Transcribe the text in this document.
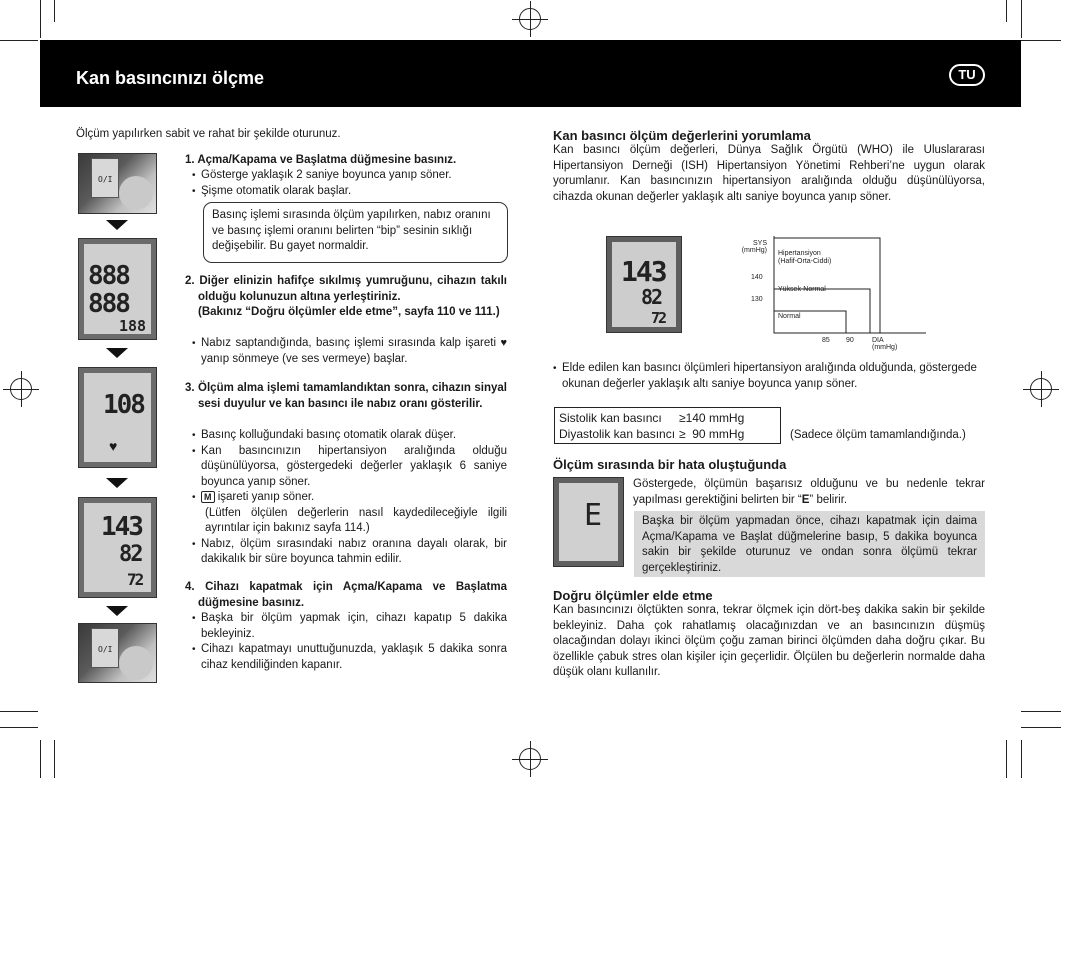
Kan basıncınızı ölçme	TU
Ölçüm yapılırken sabit ve rahat bir şekilde oturunuz.
O/I
888
888
188
108
♥
143
82
72
O/I
1. Açma/Kapama ve Başlatma düğmesine basınız.
• Gösterge yaklaşık 2 saniye boyunca yanıp söner.
• Şişme otomatik olarak başlar.
Basınç işlemi sırasında ölçüm yapılırken, nabız oranını ve basınç işlemi oranını belirten “bip” sesinin sıklığı değişebilir. Bu gayet normaldir.
2. Diğer elinizin hafifçe sıkılmış yumruğunu, cihazın takılı olduğu kolunuzun altına yerleştiriniz.
(Bakınız “Doğru ölçümler elde etme”, sayfa 110 ve 111.)
• Nabız saptandığında, basınç işlemi sırasında kalp işareti ♥ yanıp sönmeye (ve ses vermeye) başlar.
3. Ölçüm alma işlemi tamamlandıktan sonra, cihazın sinyal sesi duyulur ve kan basıncı ile nabız oranı gösterilir.
• Basınç kolluğundaki basınç otomatik olarak düşer.
• Kan basıncınızın hipertansiyon aralığında olduğu düşünülüyorsa, göstergedeki değerler yaklaşık 6 saniye boyunca yanıp söner.
• M işareti yanıp söner.

(Lütfen ölçülen değerlerin nasıl kaydedileceğiyle ilgili ayrıntılar için bakınız sayfa 114.)
• Nabız, ölçüm sırasındaki nabız oranına dayalı olarak, bir dakikalık bir süre boyunca tahmin edilir.
4. Cihazı kapatmak için Açma/Kapama ve Başlatma düğmesine basınız.
• Başka bir ölçüm yapmak için, cihazı kapatıp 5 dakika bekleyiniz.
• Cihazı kapatmayı unuttuğunuzda, yaklaşık 5 dakika sonra cihaz kendiliğinden kapanır.
Kan basıncı ölçüm değerlerini yorumlama
Kan basıncı ölçüm değerleri, Dünya Sağlık Örgütü (WHO) ile Uluslararası Hipertansiyon Derneği (ISH) Hipertansiyon Yönetimi Rehberi’ne uygun olarak yorumlanır. Kan basıncınızın hipertansiyon aralığında olduğu düşünülüyorsa, cihazda okunan değerler yaklaşık altı saniye boyunca yanıp söner.
143
82
72
SYS
(mmHg)
140
130
85 90	DIA
(mmHg)
Hipertansiyon
(Hafif-Orta-Ciddi)
Yüksek-Normal
Normal
• Elde edilen kan basıncı ölçümleri hipertansiyon aralığında olduğunda, göstergede okunan değerler yaklaşık altı saniye boyunca yanıp söner.
Sistolik kan basıncı	≥140 mmHg
Diyastolik kan basıncı ≥  90 mmHg	(Sadece ölçüm tamamlandığında.)
Ölçüm sırasında bir hata oluştuğunda
E
Göstergede, ölçümün başarısız olduğunu ve bu nedenle tekrar yapılması gerektiğini belirten bir “E” belirir.
Başka bir ölçüm yapmadan önce, cihazı kapatmak için daima Açma/Kapama ve Başlat düğmelerine basıp, 5 dakika boyunca sakin bir şekilde oturunuz ve ondan sonra ölçümü tekrar gerçekleştiriniz.
Doğru ölçümler elde etme
Kan basıncınızı ölçtükten sonra, tekrar ölçmek için dört-beş dakika sakin bir şekilde bekleyiniz. Daha çok rahatlamış olacağınızdan ve an basıncınızın düşmüş olacağından dolayı ikinci ölçüm çoğu zaman birinci ölçümden daha doğru çıkar. Bu özellikle çabuk stres olan kişiler için geçerlidir. Ölçülen bu değerlerin normalde daha düşük olanı kullanılır.
